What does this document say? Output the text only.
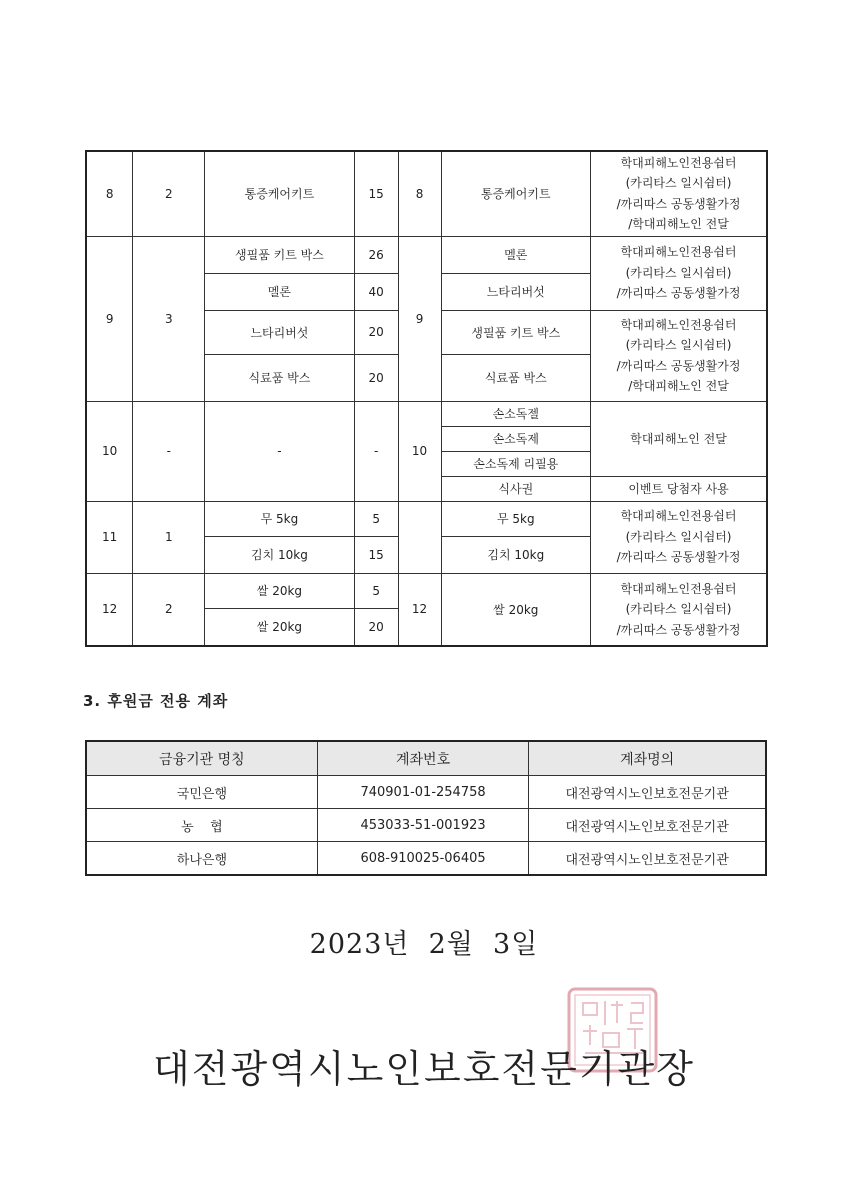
8	2	통증케어키트	15	8	통증케어키트	학대피해노인전용쉼터
(카리타스 일시쉼터)
/까리따스 공동생활가정
/학대피해노인 전달
9	3	생필품 키트 박스	26	9	멜론	학대피해노인전용쉼터
(카리타스 일시쉼터)
/까리따스 공동생활가정
		멜론	40		느타리버섯	
		느타리버섯	20		생필품 키트 박스	학대피해노인전용쉼터
(카리타스 일시쉼터)
/까리따스 공동생활가정
/학대피해노인 전달
		식료품 박스	20		식료품 박스	
10	-	-	-	10	손소독젤	학대피해노인 전달
					손소독제	
					손소독제 리필용	
					식사권	이벤트 당첨자 사용
11	1	무 5kg	5		무 5kg	학대피해노인전용쉼터
(카리타스 일시쉼터)
/까리따스 공동생활가정
		김치 10kg	15		김치 10kg	
12	2	쌀 20kg	5	12	쌀 20kg	학대피해노인전용쉼터
(카리타스 일시쉼터)
/까리따스 공동생활가정
		쌀 20kg	20			
3. 후원금 전용 계좌
금융기관 명칭	계좌번호	계좌명의
국민은행	740901-01-254758	대전광역시노인보호전문기관
농    협	453033-51-001923	대전광역시노인보호전문기관
하나은행	608-910025-06405	대전광역시노인보호전문기관
2023년  2월  3일
대전광역시노인보호전문기관장
